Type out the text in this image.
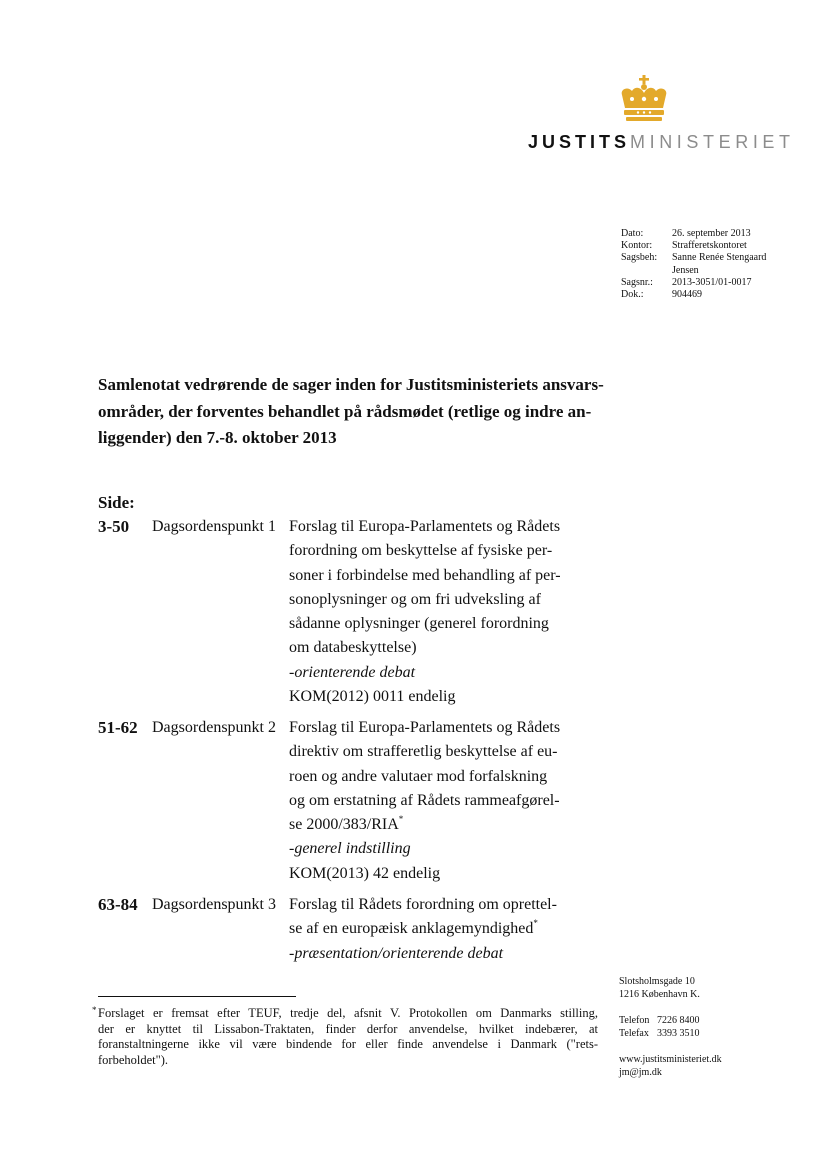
JUSTITSMINISTERIET
Dato:	26. september 2013
Kontor:	Strafferetskontoret
Sagsbeh:	Sanne Renée Stengaard Jensen
Sagsnr.:	2013-3051/01-0017
Dok.:	904469
Samlenotat vedrørende de sager inden for Justitsministeriets ansvars-
områder, der forventes behandlet på rådsmødet (retlige og indre an-
liggender) den 7.-8. oktober 2013
Side:
3-50 Dagsordenspunkt 1 Forslag til Europa-Parlamentets og Rådets
forordning om beskyttelse af fysiske per-
soner i forbindelse med behandling af per-
sonoplysninger og om fri udveksling af
sådanne oplysninger (generel forordning
om databeskyttelse)
-orienterende debat
KOM(2012) 0011 endelig
51-62 Dagsordenspunkt 2 Forslag til Europa-Parlamentets og Rådets
direktiv om strafferetlig beskyttelse af eu-
roen og andre valutaer mod forfalskning
og om erstatning af Rådets rammeafgørel-
se 2000/383/RIA*
-generel indstilling
KOM(2013) 42 endelig
63-84 Dagsordenspunkt 3 Forslag til Rådets forordning om oprettel-
se af en europæisk anklagemyndighed*
-præsentation/orienterende debat
* Forslaget er fremsat efter TEUF, tredje del, afsnit V. Protokollen om Danmarks stilling,
der er knyttet til Lissabon-Traktaten, finder derfor anvendelse, hvilket indebærer, at
foranstaltningerne ikke vil være bindende for eller finde anvendelse i Danmark ("rets-
forbeholdet").
Slotsholmsgade 10
1216 København K.
Telefon 7226 8400
Telefax 3393 3510
www.justitsministeriet.dk
jm@jm.dk
